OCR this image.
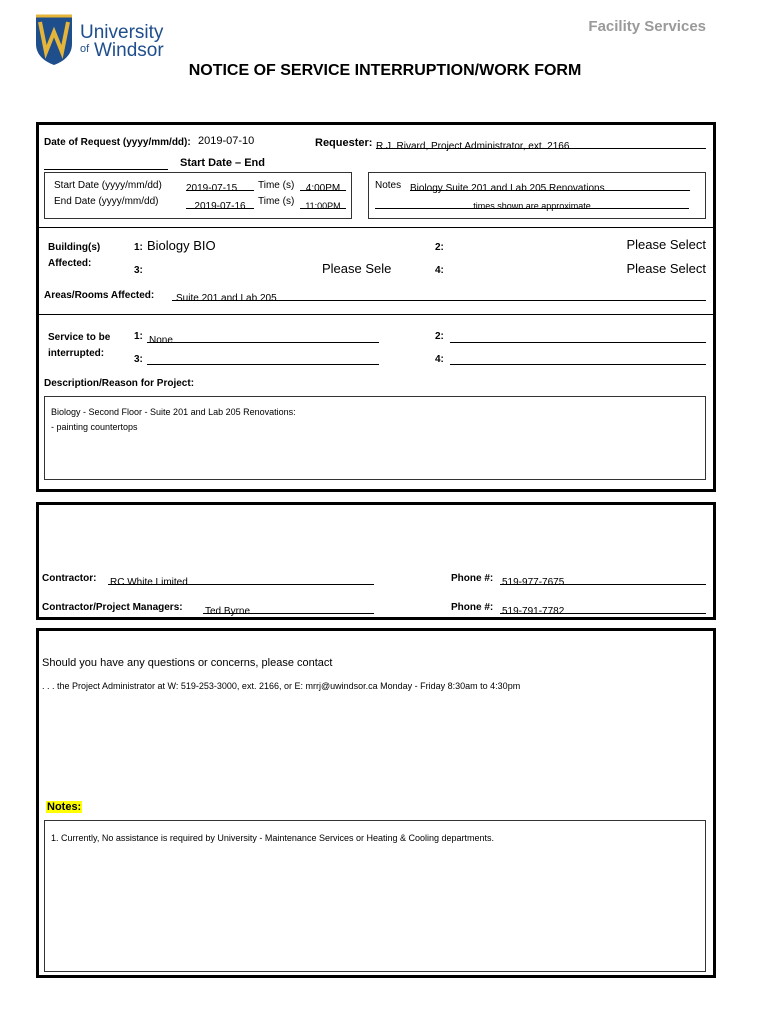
University
of Windsor
Facility Services
NOTICE OF SERVICE INTERRUPTION/WORK FORM
Date of Request (yyyy/mm/dd): 2019-07-10	Requester: R.J. Rivard, Project Administrator, ext. 2166
Start Date – End
Start Date (yyyy/mm/dd) 2019-07-15	Time (s)	4:00PM
End Date (yyyy/mm/dd)	2019-07-16	Time (s)	11:00PM
Notes Biology Suite 201 and Lab 205 Renovations
times shown are approximate
Building(s)
Affected:
1: Biology BIO	2:	Please Select
3:	Please Sele	4:	Please Select
Areas/Rooms Affected:	Suite 201 and Lab 205
Service to be
interrupted:
1: None	2:
3:	4:
Description/Reason for Project:
Biology - Second Floor - Suite 201 and Lab 205 Renovations:
- painting countertops
Contractor: RC White Limited	Phone #: 519-977-7675
Contractor/Project Managers: Ted Byrne	Phone #: 519-791-7782
Should you have any questions or concerns, please contact
. . . the Project Administrator at W: 519-253-3000, ext. 2166, or E: mrrj@uwindsor.ca Monday - Friday 8:30am to 4:30pm
Notes:
1. Currently, No assistance is required by University - Maintenance Services or Heating & Cooling departments.
